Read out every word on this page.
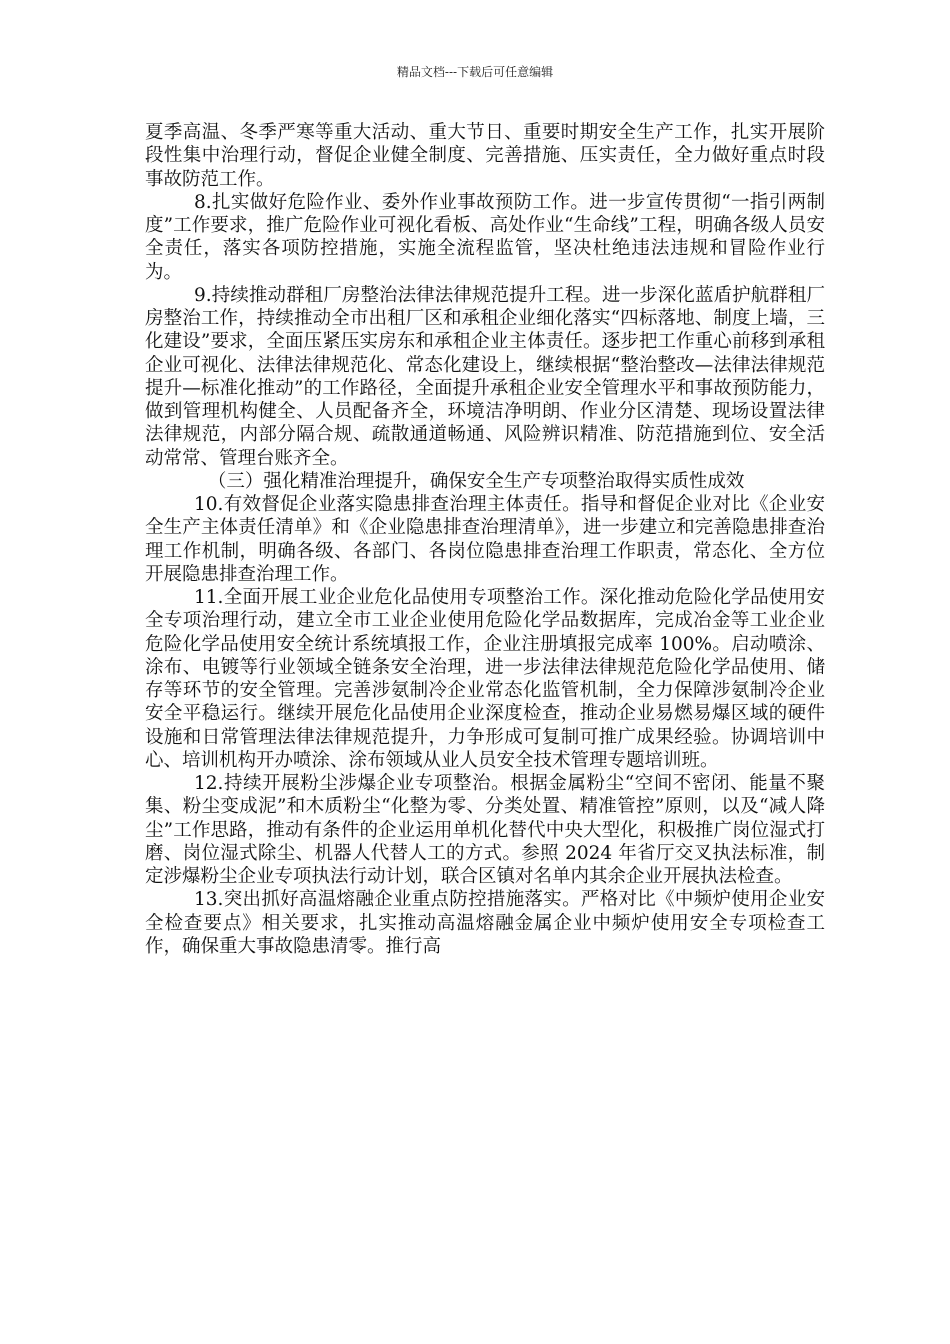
精品文档---下载后可任意编辑

夏季高温、冬季严寒等重大活动、重大节日、重要时期安全生产工作，扎实开展阶段性集中治理行动，督促企业健全制度、完善措施、压实责任，全力做好重点时段事故防范工作。

8.扎实做好危险作业、委外作业事故预防工作。进一步宣传贯彻“一指引两制度”工作要求，推广危险作业可视化看板、高处作业“生命线”工程，明确各级人员安全责任，落实各项防控措施，实施全流程监管，坚决杜绝违法违规和冒险作业行为。

9.持续推动群租厂房整治法律法律规范提升工程。进一步深化蓝盾护航群租厂房整治工作，持续推动全市出租厂区和承租企业细化落实“四标落地、制度上墙，三化建设”要求，全面压紧压实房东和承租企业主体责任。逐步把工作重心前移到承租企业可视化、法律法律规范化、常态化建设上，继续根据“整治整改—法律法律规范提升—标准化推动”的工作路径，全面提升承租企业安全管理水平和事故预防能力，做到管理机构健全、人员配备齐全，环境洁净明朗、作业分区清楚、现场设置法律法律规范，内部分隔合规、疏散通道畅通、风险辨识精准、防范措施到位、安全活动常常、管理台账齐全。

（三）强化精准治理提升，确保安全生产专项整治取得实质性成效

10.有效督促企业落实隐患排查治理主体责任。指导和督促企业对比《企业安全生产主体责任清单》和《企业隐患排查治理清单》，进一步建立和完善隐患排查治理工作机制，明确各级、各部门、各岗位隐患排查治理工作职责，常态化、全方位开展隐患排查治理工作。

11.全面开展工业企业危化品使用专项整治工作。深化推动危险化学品使用安全专项治理行动，建立全市工业企业使用危险化学品数据库，完成冶金等工业企业危险化学品使用安全统计系统填报工作，企业注册填报完成率 100%。启动喷涂、涂布、电镀等行业领域全链条安全治理，进一步法律法律规范危险化学品使用、储存等环节的安全管理。完善涉氨制冷企业常态化监管机制，全力保障涉氨制冷企业安全平稳运行。继续开展危化品使用企业深度检查，推动企业易燃易爆区域的硬件设施和日常管理法律法律规范提升，力争形成可复制可推广成果经验。协调培训中心、培训机构开办喷涂、涂布领域从业人员安全技术管理专题培训班。

12.持续开展粉尘涉爆企业专项整治。根据金属粉尘“空间不密闭、能量不聚集、粉尘变成泥”和木质粉尘“化整为零、分类处置、精准管控”原则，以及“减人降尘”工作思路，推动有条件的企业运用单机化替代中央大型化，积极推广岗位湿式打磨、岗位湿式除尘、机器人代替人工的方式。参照 2024 年省厅交叉执法标准，制定涉爆粉尘企业专项执法行动计划，联合区镇对名单内其余企业开展执法检查。

13.突出抓好高温熔融企业重点防控措施落实。严格对比《中频炉使用企业安全检查要点》相关要求，扎实推动高温熔融金属企业中频炉使用安全专项检查工作，确保重大事故隐患清零。推行高
